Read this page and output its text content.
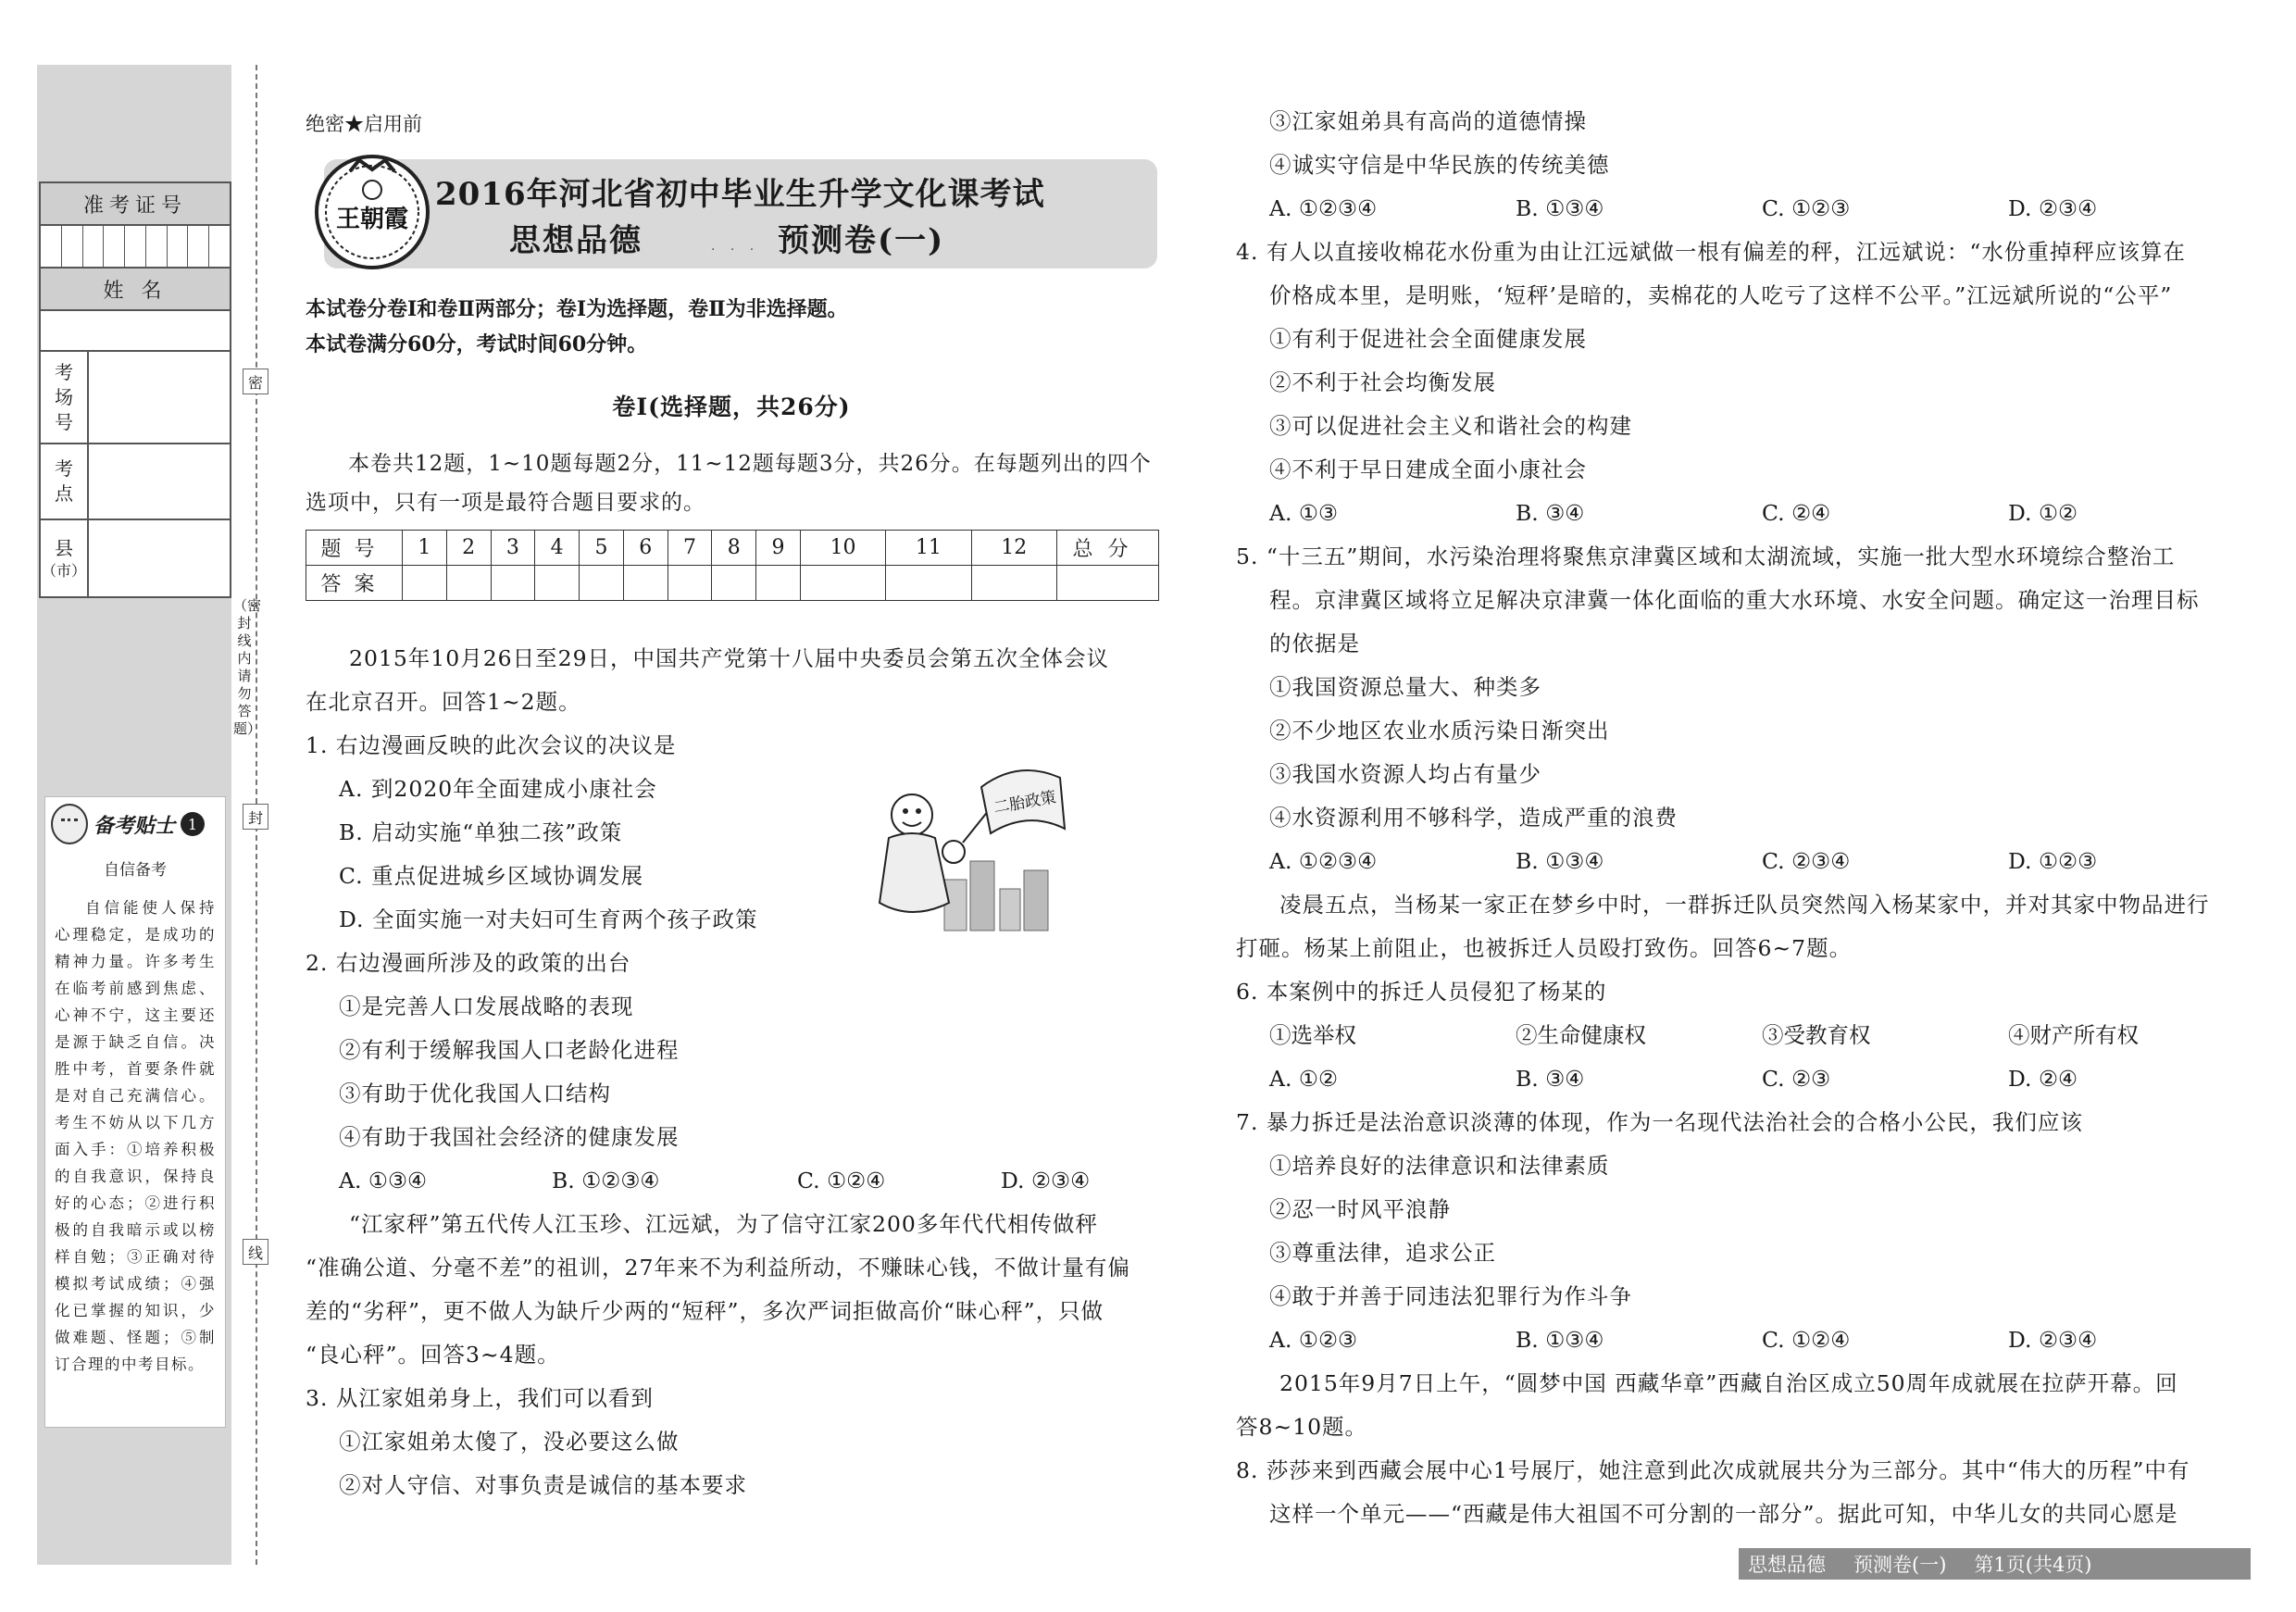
准考证号
姓 名
考
场
号
考
点
县
（市）
备考贴士 1
自信备考
自信能使人保持心理稳定，是成功的精神力量。许多考生在临考前感到焦虑、心神不宁，这主要还是源于缺乏自信。决胜中考，首要条件就是对自己充满信心。考生不妨从以下几方面入手：①培养积极的自我意识，保持良好的心态；②进行积极的自我暗示或以榜样自勉；③正确对待模拟考试成绩；④强化已掌握的知识，少做难题、怪题；⑤制订合理的中考目标。
密
封
线
（密封线内请勿答题）
绝密★启用前
2016年河北省初中毕业生升学文化课考试
思想品德	· · · 预测卷(一)
王朝霞
本试卷分卷Ⅰ和卷Ⅱ两部分；卷Ⅰ为选择题，卷Ⅱ为非选择题。
本试卷满分60分，考试时间60分钟。
卷Ⅰ(选择题，共26分)
本卷共12题，1~10题每题2分，11~12题每题3分，共26分。在每题列出的四个选项中，只有一项是最符合题目要求的。
题号	1	2	3	4	5	6	7	8	9	10	11	12	总分
答案													
2015年10月26日至29日，中国共产党第十八届中央委员会第五次全体会议
在北京召开。回答1~2题。
1. 右边漫画反映的此次会议的决议是
A. 到2020年全面建成小康社会
B. 启动实施“单独二孩”政策
C. 重点促进城乡区域协调发展
D. 全面实施一对夫妇可生育两个孩子政策
2. 右边漫画所涉及的政策的出台
①是完善人口发展战略的表现
②有利于缓解我国人口老龄化进程
③有助于优化我国人口结构
④有助于我国社会经济的健康发展
A. ①③④	B. ①②③④	C. ①②④	D. ②③④
“江家秤”第五代传人江玉珍、江远斌，为了信守江家200多年代代相传做秤
“准确公道、分毫不差”的祖训，27年来不为利益所动，不赚昧心钱，不做计量有偏
差的“劣秤”，更不做人为缺斤少两的“短秤”，多次严词拒做高价“昧心秤”，只做
“良心秤”。回答3~4题。
3. 从江家姐弟身上，我们可以看到
①江家姐弟太傻了，没必要这么做
②对人守信、对事负责是诚信的基本要求
二胎政策
③江家姐弟具有高尚的道德情操
④诚实守信是中华民族的传统美德
A. ①②③④	B. ①③④	C. ①②③	D. ②③④
4. 有人以直接收棉花水份重为由让江远斌做一根有偏差的秤，江远斌说：“水份重掉秤应该算在
价格成本里，是明账，‘短秤’是暗的，卖棉花的人吃亏了这样不公平。”江远斌所说的“公平”
①有利于促进社会全面健康发展
②不利于社会均衡发展
③可以促进社会主义和谐社会的构建
④不利于早日建成全面小康社会
A. ①③	B. ③④	C. ②④	D. ①②
5. “十三五”期间，水污染治理将聚焦京津冀区域和太湖流域，实施一批大型水环境综合整治工
程。京津冀区域将立足解决京津冀一体化面临的重大水环境、水安全问题。确定这一治理目标
的依据是
①我国资源总量大、种类多
②不少地区农业水质污染日渐突出
③我国水资源人均占有量少
④水资源利用不够科学，造成严重的浪费
A. ①②③④	B. ①③④	C. ②③④	D. ①②③
凌晨五点，当杨某一家正在梦乡中时，一群拆迁队员突然闯入杨某家中，并对其家中物品进行
打砸。杨某上前阻止，也被拆迁人员殴打致伤。回答6~7题。
6. 本案例中的拆迁人员侵犯了杨某的
①选举权	②生命健康权	③受教育权	④财产所有权
A. ①②	B. ③④	C. ②③	D. ②④
7. 暴力拆迁是法治意识淡薄的体现，作为一名现代法治社会的合格小公民，我们应该
①培养良好的法律意识和法律素质
②忍一时风平浪静
③尊重法律，追求公正
④敢于并善于同违法犯罪行为作斗争
A. ①②③	B. ①③④	C. ①②④	D. ②③④
2015年9月7日上午，“圆梦中国 西藏华章”西藏自治区成立50周年成就展在拉萨开幕。回
答8~10题。
8. 莎莎来到西藏会展中心1号展厅，她注意到此次成就展共分为三部分。其中“伟大的历程”中有
这样一个单元——“西藏是伟大祖国不可分割的一部分”。据此可知，中华儿女的共同心愿是
思想品德 预测卷(一) 第1页(共4页)
